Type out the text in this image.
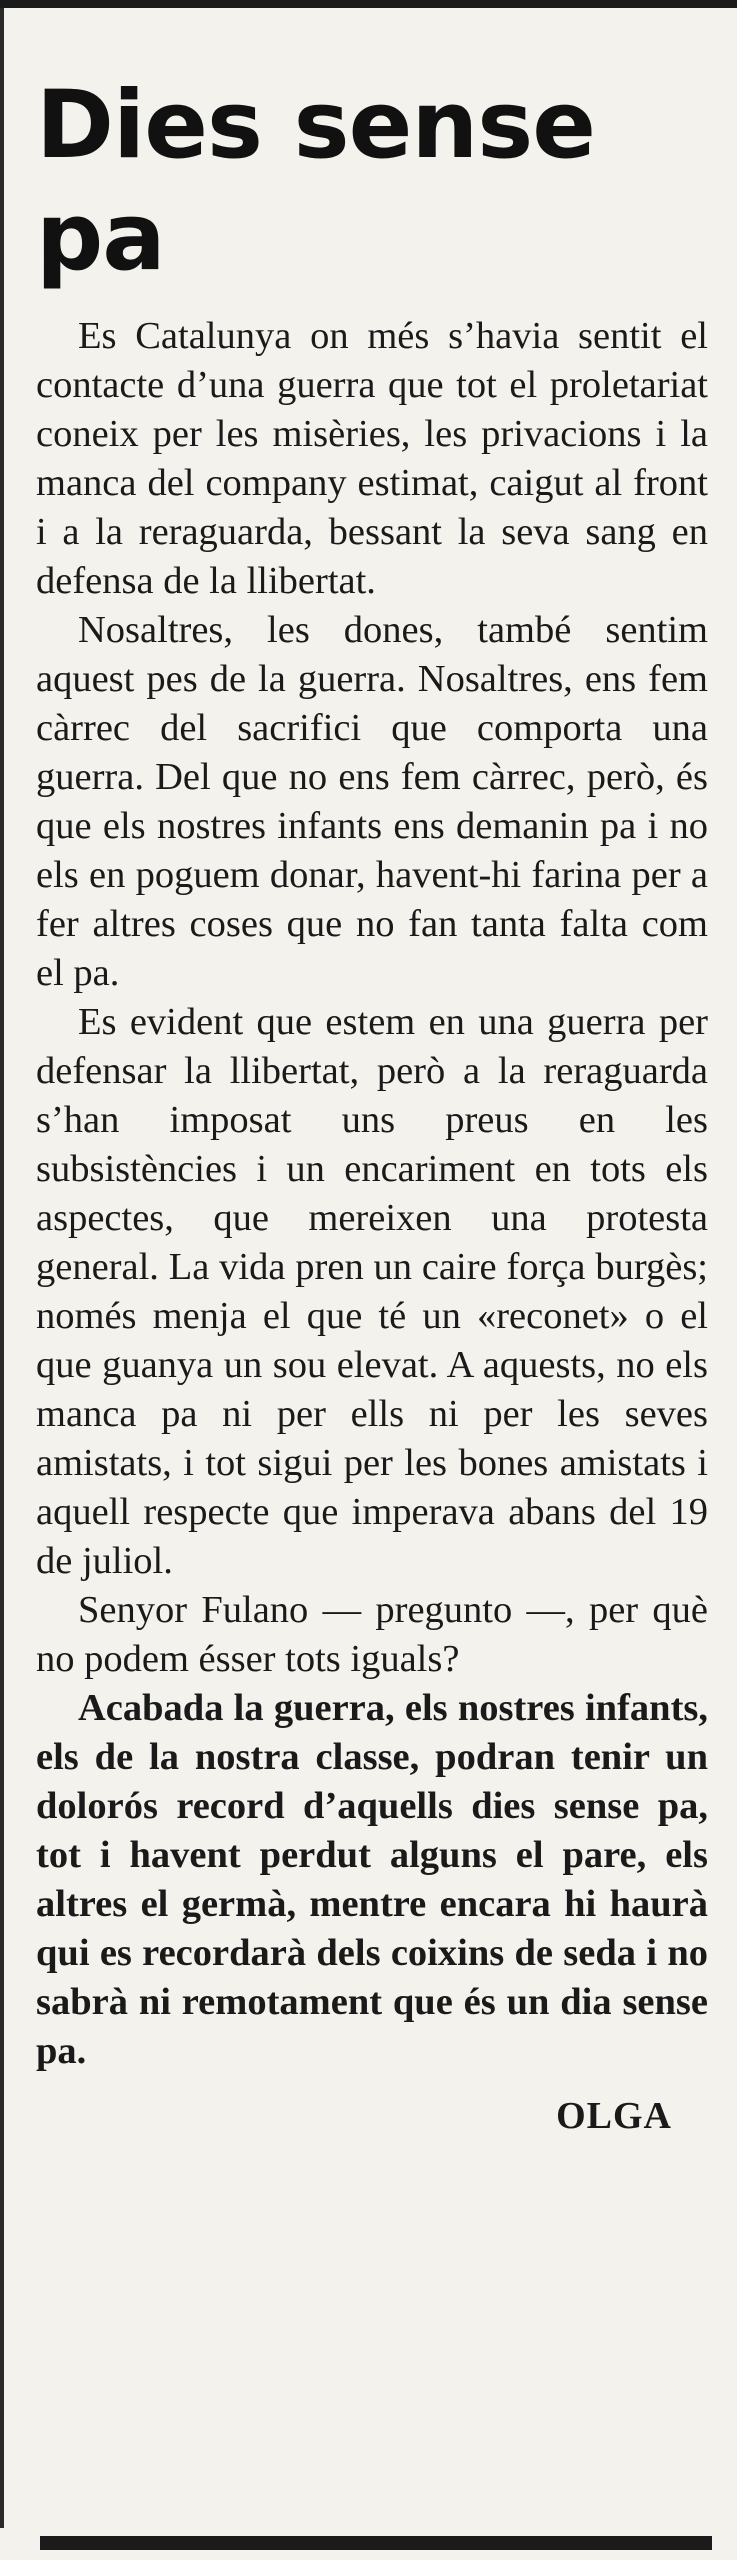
Dies sense pa

Es Catalunya on més s’havia sentit el contacte d’una guerra que tot el proletariat coneix per les misèries, les privacions i la manca del company estimat, caigut al front i a la reraguarda, bessant la seva sang en defensa de la llibertat.

Nosaltres, les dones, també sentim aquest pes de la guerra. Nosaltres, ens fem càrrec del sacrifici que comporta una guerra. Del que no ens fem càrrec, però, és que els nostres infants ens demanin pa i no els en poguem donar, havent-hi farina per a fer altres coses que no fan tanta falta com el pa.

Es evident que estem en una guerra per defensar la llibertat, però a la reraguarda s’han imposat uns preus en les subsistències i un encariment en tots els aspectes, que mereixen una protesta general. La vida pren un caire força burgès; només menja el que té un «reconet» o el que guanya un sou elevat. A aquests, no els manca pa ni per ells ni per les seves amistats, i tot sigui per les bones amistats i aquell respecte que imperava abans del 19 de juliol.

Senyor Fulano — pregunto —, per què no podem ésser tots iguals?

Acabada la guerra, els nostres infants, els de la nostra classe, podran tenir un dolorós record d’aquells dies sense pa, tot i havent perdut alguns el pare, els altres el germà, mentre encara hi haurà qui es recordarà dels coixins de seda i no sabrà ni remotament que és un dia sense pa.

OLGA
